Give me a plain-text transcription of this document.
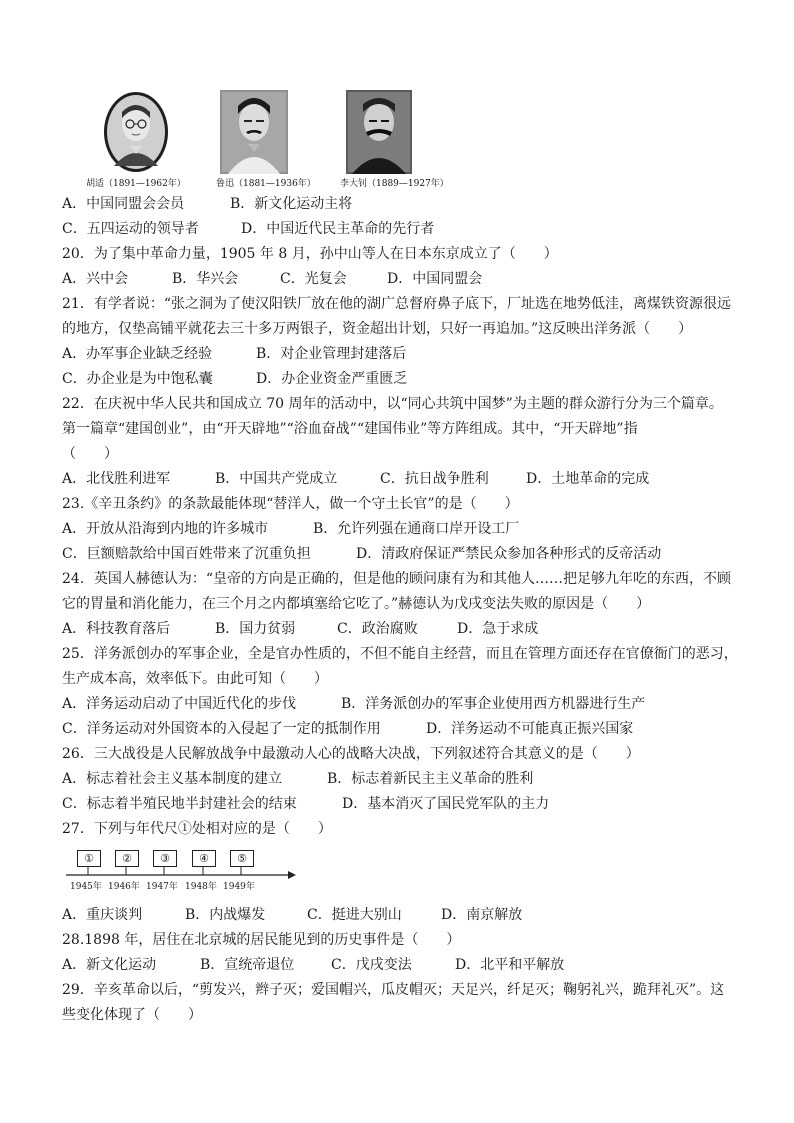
胡适（1891—1962年）	鲁迅（1881—1936年）	李大钊（1889—1927年）
A．中国同盟会会员	B．新文化运动主将
C．五四运动的领导者	D．中国近代民主革命的先行者
20．为了集中革命力量，1905 年 8 月，孙中山等人在日本东京成立了（　　）
A．兴中会	B．华兴会	C．光复会	D．中国同盟会
21．有学者说：“张之洞为了使汉阳铁厂放在他的湖广总督府鼻子底下，厂址选在地势低洼，离煤铁资源很远
的地方，仅垫高铺平就花去三十多万两银子，资金超出计划，只好一再追加。”这反映出洋务派（　　）
A．办军事企业缺乏经验	B．对企业管理封建落后
C．办企业是为中饱私囊	D．办企业资金严重匮乏
22．在庆祝中华人民共和国成立 70 周年的活动中，以“同心共筑中国梦”为主题的群众游行分为三个篇章。
第一篇章“建国创业”，由“开天辟地”“浴血奋战”“建国伟业”等方阵组成。其中，“开天辟地”指
（　　）
A．北伐胜利进军	B．中国共产党成立	C．抗日战争胜利	D．土地革命的完成
23.《辛丑条约》的条款最能体现“替洋人，做一个守土长官”的是（　　）
A．开放从沿海到内地的许多城市	B．允许列强在通商口岸开设工厂
C．巨额赔款给中国百姓带来了沉重负担	D．清政府保证严禁民众参加各种形式的反帝活动
24．英国人赫德认为：“皇帝的方向是正确的，但是他的顾问康有为和其他人……把足够九年吃的东西，不顾
它的胃量和消化能力，在三个月之内都填塞给它吃了。”赫德认为戊戌变法失败的原因是（　　）
A．科技教育落后	B．国力贫弱	C．政治腐败	D．急于求成
25．洋务派创办的军事企业，全是官办性质的，不但不能自主经营，而且在管理方面还存在官僚衙门的恶习，
生产成本高，效率低下。由此可知（　　）
A．洋务运动启动了中国近代化的步伐	B．洋务派创办的军事企业使用西方机器进行生产
C．洋务运动对外国资本的入侵起了一定的抵制作用	D．洋务运动不可能真正振兴国家
26．三大战役是人民解放战争中最激动人心的战略大决战，下列叙述符合其意义的是（　　）
A．标志着社会主义基本制度的建立	B．标志着新民主主义革命的胜利
C．标志着半殖民地半封建社会的结束	D．基本消灭了国民党军队的主力
27．下列与年代尺①处相对应的是（　　）
①	②	③	④	⑤
1945年 1946年 1947年 1948年 1949年
A．重庆谈判	B．内战爆发	C．挺进大别山	D．南京解放
28.1898 年，居住在北京城的居民能见到的历史事件是（　　）
A．新文化运动	B．宣统帝退位	C．戊戌变法	D．北平和平解放
29．辛亥革命以后，“剪发兴，辫子灭；爱国帽兴，瓜皮帽灭；天足兴，纤足灭；鞠躬礼兴，跪拜礼灭”。这
些变化体现了（　　）
